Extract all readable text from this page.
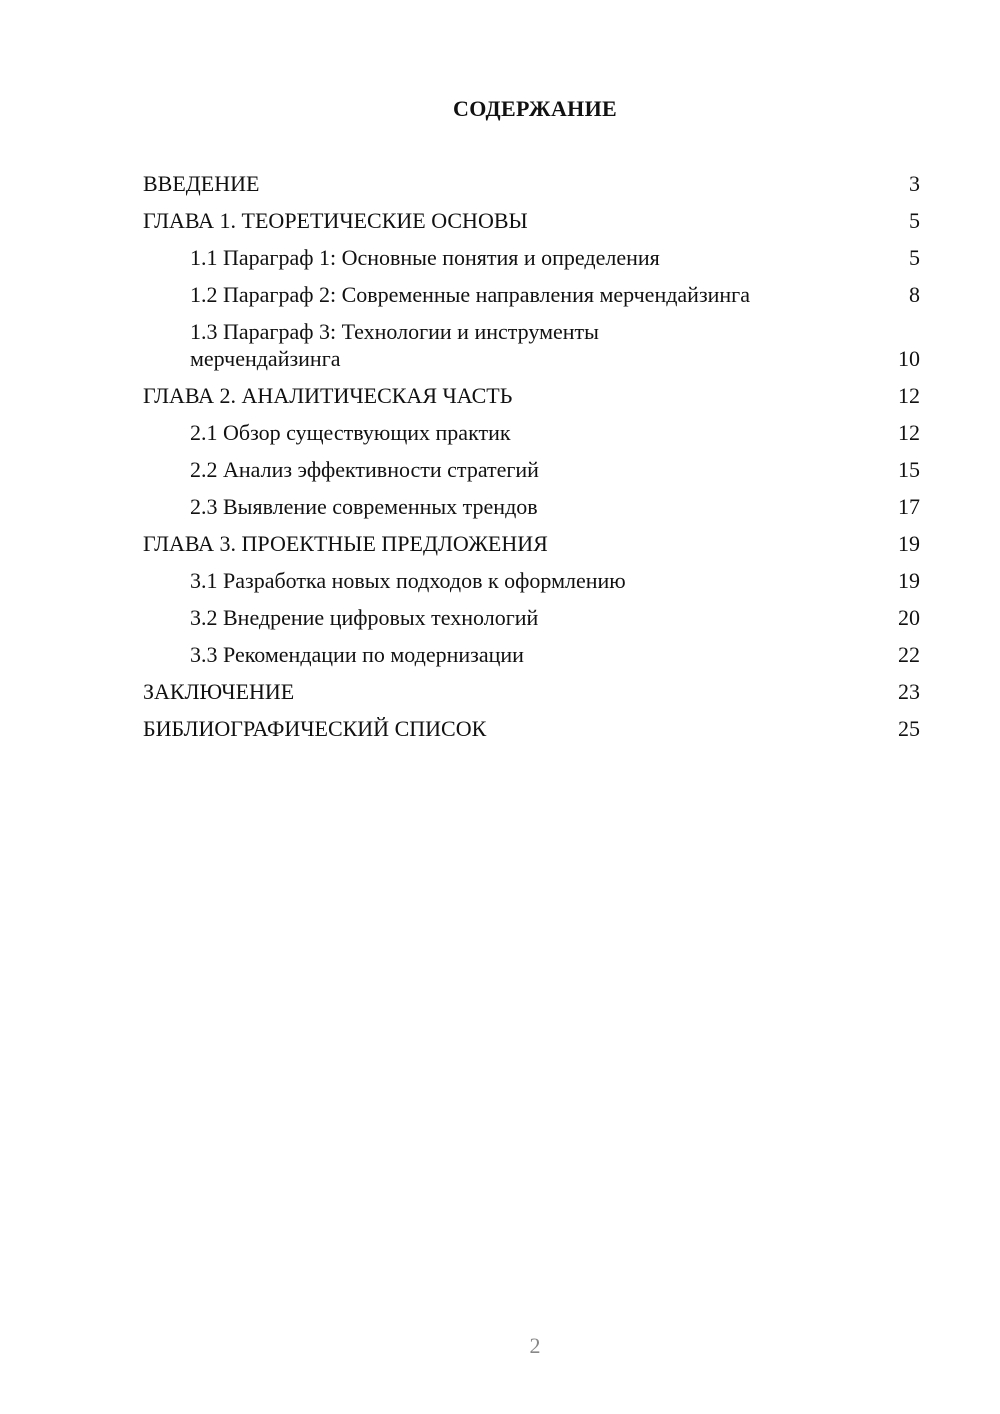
СОДЕРЖАНИЕ
ВВЕДЕНИЕ	3
ГЛАВА 1. ТЕОРЕТИЧЕСКИЕ ОСНОВЫ	5
1.1 Параграф 1: Основные понятия и определения	5
1.2 Параграф 2: Современные направления мерчендайзинга	8
1.3 Параграф 3: Технологии и инструменты мерчендайзинга	10
ГЛАВА 2. АНАЛИТИЧЕСКАЯ ЧАСТЬ	12
2.1 Обзор существующих практик	12
2.2 Анализ эффективности стратегий	15
2.3 Выявление современных трендов	17
ГЛАВА 3. ПРОЕКТНЫЕ ПРЕДЛОЖЕНИЯ	19
3.1 Разработка новых подходов к оформлению	19
3.2 Внедрение цифровых технологий	20
3.3 Рекомендации по модернизации	22
ЗАКЛЮЧЕНИЕ	23
БИБЛИОГРАФИЧЕСКИЙ СПИСОК	25
2
